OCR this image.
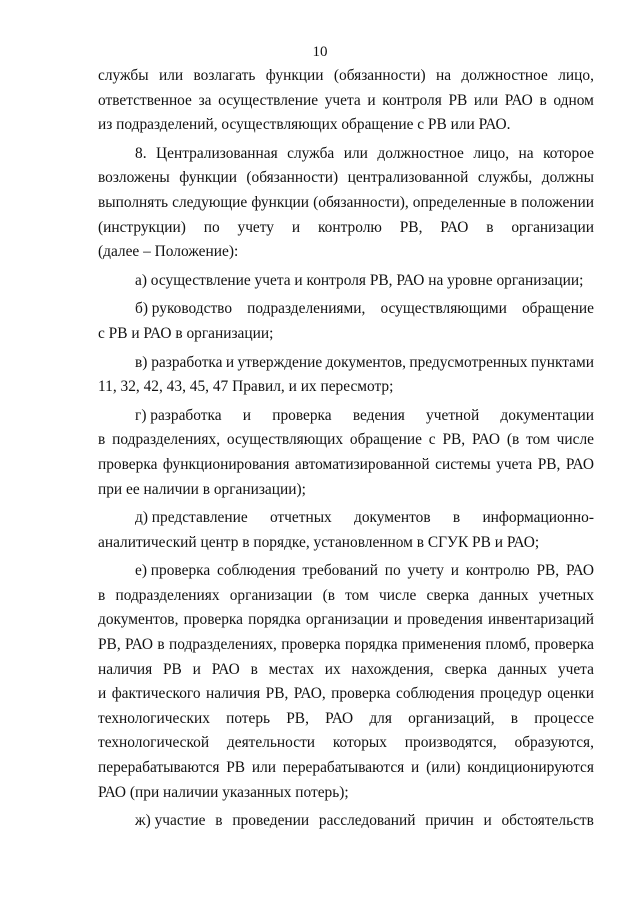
10
службы или возлагать функции (обязанности) на должностное лицо,
ответственное за осуществление учета и контроля РВ или РАО в одном
из подразделений, осуществляющих обращение с РВ или РАО.
8. Централизованная служба или должностное лицо, на которое
возложены функции (обязанности) централизованной службы, должны
выполнять следующие функции (обязанности), определенные в положении
(инструкции) по учету и контролю РВ, РАО в организации
(далее – Положение):
а) осуществление учета и контроля РВ, РАО на уровне организации;
б) руководство подразделениями, осуществляющими обращение
с РВ и РАО в организации;
в) разработка и утверждение документов, предусмотренных пунктами
11, 32, 42, 43, 45, 47 Правил, и их пересмотр;
г) разработка и проверка ведения учетной документации
в подразделениях, осуществляющих обращение с РВ, РАО (в том числе
проверка функционирования автоматизированной системы учета РВ, РАО
при ее наличии в организации);
д) представление отчетных документов в информационно-
аналитический центр в порядке, установленном в СГУК РВ и РАО;
е) проверка соблюдения требований по учету и контролю РВ, РАО
в подразделениях организации (в том числе сверка данных учетных
документов, проверка порядка организации и проведения инвентаризаций
РВ, РАО в подразделениях, проверка порядка применения пломб, проверка
наличия РВ и РАО в местах их нахождения, сверка данных учета
и фактического наличия РВ, РАО, проверка соблюдения процедур оценки
технологических потерь РВ, РАО для организаций, в процессе
технологической деятельности которых производятся, образуются,
перерабатываются РВ или перерабатываются и (или) кондиционируются
РАО (при наличии указанных потерь);
ж) участие в проведении расследований причин и обстоятельств
